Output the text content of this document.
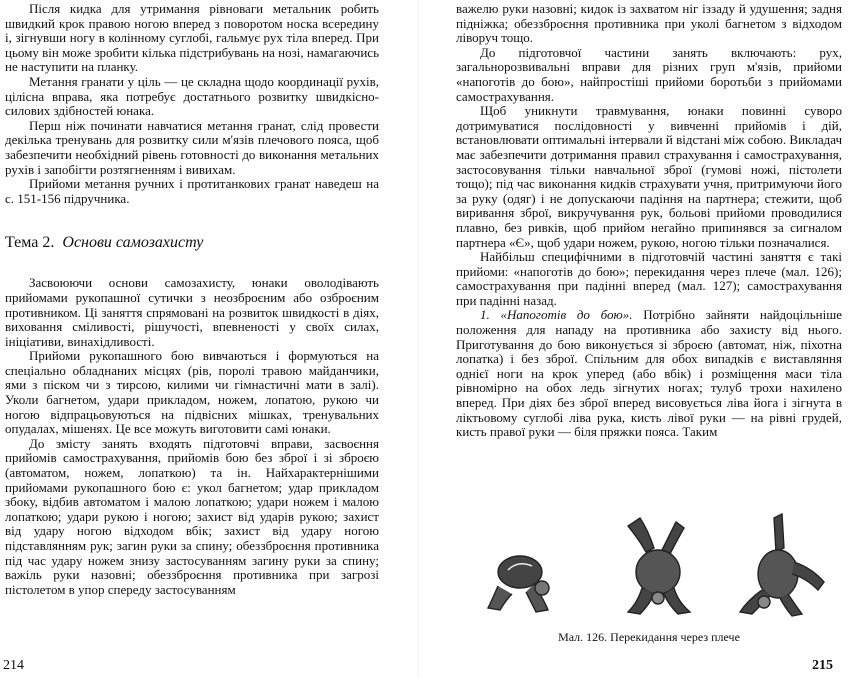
Після кидка для утримання рівноваги метальник робить швидкий крок правою ногою вперед з поворотом носка всередину і, зігнувши ногу в колінному суглобі, гальмує рух тіла вперед. При цьому він може зробити кілька підстрибувань на нозі, намагаючись не наступити на планку.

Метання гранати у ціль — це складна щодо координації рухів, цілісна вправа, яка потребує достатнього розвитку швидкісно-силових здібностей юнака.

Перш ніж починати навчатися метання гранат, слід провести декілька тренувань для розвитку сили м'язів плечового пояса, щоб забезпечити необхідний рівень готовності до виконання метальних рухів і запобігти розтягненням і вивихам.

Прийоми метання ручних і протитанкових гранат наведеш на с. 151-156 підручника.

Тема 2. Основи самозахисту

Засвоюючи основи самозахисту, юнаки оволодівають прийомами рукопашної сутички з неозброєним або озброєним противником. Ці заняття спрямовані на розвиток швидкості в діях, виховання сміливості, рішучості, впевненості у своїх силах, ініціативи, винахідливості.

Прийоми рукопашного бою вивчаються і формуються на спеціально обладнаних місцях (рів, поролі травою майданчики, ями з піском чи з тирсою, килими чи гімнастичні мати в залі). Уколи багнетом, удари прикладом, ножем, лопатою, рукою чи ногою відпрацьовуються на підвісних мішках, тренувальних опудалах, мішенях. Це все можуть виготовити самі юнаки.

До змісту занять входять підготовчі вправи, засвоєння прийомів самострахування, прийомів бою без зброї і зі зброєю (автоматом, ножем, лопаткою) та ін. Найхарактернішими прийомами рукопашного бою є: укол багнетом; удар прикладом збоку, відбив автоматом і малою лопаткою; удари ножем і малою лопаткою; удари рукою і ногою; захист від ударів рукою; захист від удару ногою відходом вбік; захист від удару ногою підставлянням рук; загин руки за спину; обеззброєння противника під час удару ножем знизу застосуванням загину руки за спину; важіль руки назовні; обеззброєння противника при загрозі пістолетом в упор спереду застосуванням

важелю руки назовні; кидок із захватом ніг іззаду й удушення; задня підніжка; обеззброєння противника при уколі багнетом з відходом ліворуч тощо.

До підготовчої частини занять включають: рух, загальнорозвивальні вправи для різних груп м'язів, прийоми «напоготів до бою», найпростіші прийоми боротьби з прийомами самострахування.

Щоб уникнути травмування, юнаки повинні суворо дотримуватися послідовності у вивченні прийомів і дій, встановлювати оптимальні інтервали й відстані між собою. Викладач має забезпечити дотримання правил страхування і самострахування, застосовування тільки навчальної зброї (гумові ножі, пістолети тощо); під час виконання кидків страхувати учня, притримуючи його за руку (одяг) і не допускаючи падіння на партнера; стежити, щоб виривання зброї, викручування рук, больові прийоми проводилися плавно, без ривків, щоб прийом негайно припинявся за сигналом партнера «Є», щоб удари ножем, рукою, ногою тільки позначалися.

Найбільш специфічними в підготовчій частині заняття є такі прийоми: «напоготів до бою»; перекидання через плече (мал. 126); самострахування при падінні вперед (мал. 127); самострахування при падінні назад.

1. «Напоготів до бою». Потрібно зайняти найдоцільніше положення для нападу на противника або захисту від нього. Приготування до бою виконується зі зброєю (автомат, ніж, піхотна лопатка) і без зброї. Спільним для обох випадків є виставляння однієї ноги на крок уперед (або вбік) і розміщення маси тіла рівномірно на обох ледь зігнутих ногах; тулуб трохи нахилено вперед. При діях без зброї вперед висовується ліва йога і зігнута в ліктьовому суглобі ліва рука, кисть лівої руки — на рівні грудей, кисть правої руки — біля пряжки пояса. Таким

Мал. 126. Перекидання через плече
214	215
